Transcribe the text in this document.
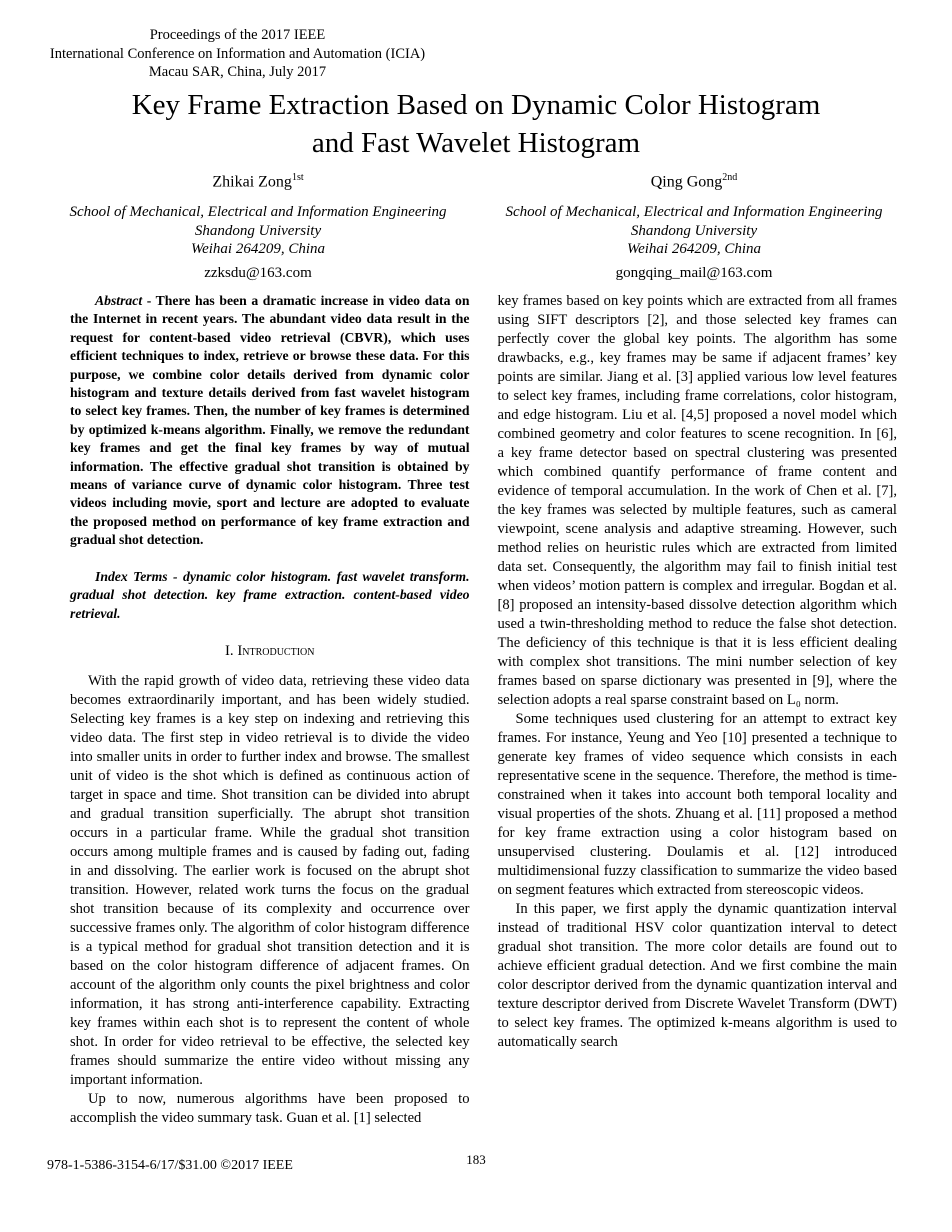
Proceedings of the 2017 IEEE
International Conference on Information and Automation (ICIA)
Macau SAR, China, July 2017
Key Frame Extraction Based on Dynamic Color Histogram
and Fast Wavelet Histogram
Zhikai Zong$^{1st}$
School of Mechanical, Electrical and Information Engineering
Shandong University
Weihai 264209, China
zzksdu@163.com
Qing Gong$^{2nd}$
School of Mechanical, Electrical and Information Engineering
Shandong University
Weihai 264209, China
gongqing_mail@163.com

Abstract - There has been a dramatic increase in video data on the Internet in recent years. The abundant video data result in the request for content-based video retrieval (CBVR), which uses efficient techniques to index, retrieve or browse these data. For this purpose, we combine color details derived from dynamic color histogram and texture details derived from fast wavelet histogram to select key frames. Then, the number of key frames is determined by optimized k-means algorithm. Finally, we remove the redundant key frames and get the final key frames by way of mutual information. The effective gradual shot transition is obtained by means of variance curve of dynamic color histogram. Three test videos including movie, sport and lecture are adopted to evaluate the proposed method on performance of key frame extraction and gradual shot detection.

Index Terms - dynamic color histogram. fast wavelet transform. gradual shot detection. key frame extraction. content-based video retrieval.

I. Introduction

With the rapid growth of video data, retrieving these video data becomes extraordinarily important, and has been widely studied. Selecting key frames is a key step on indexing and retrieving this video data. The first step in video retrieval is to divide the video into smaller units in order to further index and browse. The smallest unit of video is the shot which is defined as continuous action of target in space and time. Shot transition can be divided into abrupt and gradual transition superficially. The abrupt shot transition occurs in a particular frame. While the gradual shot transition occurs among multiple frames and is caused by fading out, fading in and dissolving. The earlier work is focused on the abrupt shot transition. However, related work turns the focus on the gradual shot transition because of its complexity and occurrence over successive frames only. The algorithm of color histogram difference is a typical method for gradual shot transition detection and it is based on the color histogram difference of adjacent frames. On account of the algorithm only counts the pixel brightness and color information, it has strong anti-interference capability. Extracting key frames within each shot is to represent the content of whole shot. In order for video retrieval to be effective, the selected key frames should summarize the entire video without missing any important information.

Up to now, numerous algorithms have been proposed to accomplish the video summary task. Guan et al. [1] selected

key frames based on key points which are extracted from all frames using SIFT descriptors [2], and those selected key frames can perfectly cover the global key points. The algorithm has some drawbacks, e.g., key frames may be same if adjacent frames’ key points are similar. Jiang et al. [3] applied various low level features to select key frames, including frame correlations, color histogram, and edge histogram. Liu et al. [4,5] proposed a novel model which combined geometry and color features to scene recognition. In [6], a key frame detector based on spectral clustering was presented which combined quantify performance of frame content and evidence of temporal accumulation. In the work of Chen et al. [7], the key frames was selected by multiple features, such as cameral viewpoint, scene analysis and adaptive streaming. However, such method relies on heuristic rules which are extracted from limited data set. Consequently, the algorithm may fail to finish initial test when videos’ motion pattern is complex and irregular. Bogdan et al. [8] proposed an intensity-based dissolve detection algorithm which used a twin-thresholding method to reduce the false shot detection. The deficiency of this technique is that it is less efficient dealing with complex shot transitions. The mini number selection of key frames based on sparse dictionary was presented in [9], where the selection adopts a real sparse constraint based on L₀ norm.

Some techniques used clustering for an attempt to extract key frames. For instance, Yeung and Yeo [10] presented a technique to generate key frames of video sequence which consists in each representative scene in the sequence. Therefore, the method is time-constrained when it takes into account both temporal locality and visual properties of the shots. Zhuang et al. [11] proposed a method for key frame extraction using a color histogram based on unsupervised clustering. Doulamis et al. [12] introduced multidimensional fuzzy classification to summarize the video based on segment features which extracted from stereoscopic videos.

In this paper, we first apply the dynamic quantization interval instead of traditional HSV color quantization interval to detect gradual shot transition. The more color details are found out to achieve efficient gradual detection. And we first combine the main color descriptor derived from the dynamic quantization interval and texture descriptor derived from Discrete Wavelet Transform (DWT) to select key frames. The optimized k-means algorithm is used to automatically search

978-1-5386-3154-6/17/$31.00 ©2017 IEEE	183
